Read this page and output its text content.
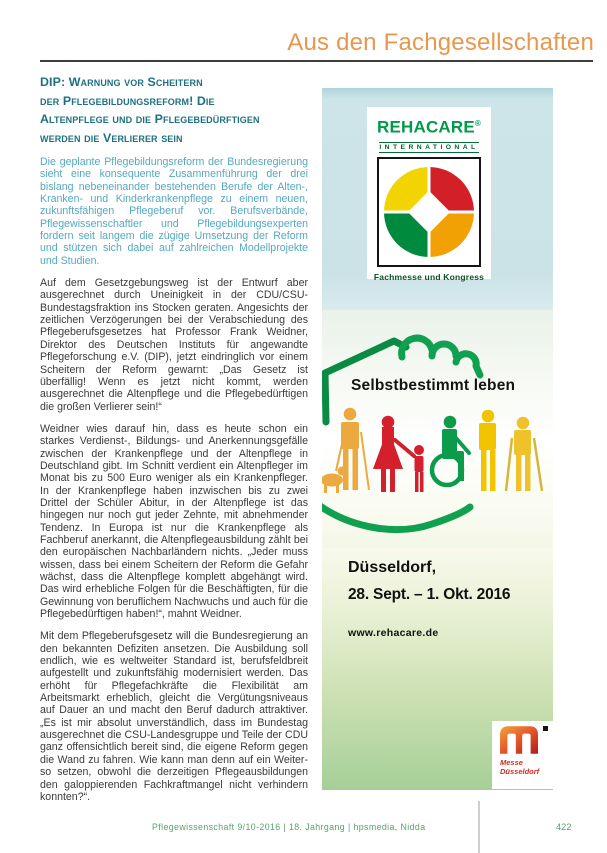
Aus den Fachgesellschaften
DIP: Warnung vor Scheitern
der Pflegebildungsreform! Die
Altenpflege und die Pflegebedürftigen
werden die Verlierer sein

Die geplante Pflegebildungsreform der Bundesregierung sieht eine konsequente Zusammenführung der drei bislang nebeneinander bestehenden Berufe der Alten-, Kranken- und Kinderkrankenpflege zu einem neuen, zukunftsfähigen Pflegeberuf vor. Berufsverbände, Pflegewissenschaftler und Pflegebildungsexperten fordern seit langem die zügige Umsetzung der Reform und stützen sich dabei auf zahlreichen Modellprojekte und Studien.

Auf dem Gesetzgebungsweg ist der Entwurf aber ausgerechnet durch Uneinigkeit in der CDU/CSU-Bundestagsfraktion ins Stocken geraten. Angesichts der zeitlichen Verzögerungen bei der Verabschiedung des Pflegeberufsgesetzes hat Professor Frank Weidner, Direktor des Deutschen Instituts für angewandte Pflegeforschung e.V. (DIP), jetzt eindringlich vor einem Scheitern der Reform gewarnt: „Das Gesetz ist überfällig! Wenn es jetzt nicht kommt, werden ausgerechnet die Altenpflege und die Pflegebedürftigen die großen Verlierer sein!“

Weidner wies darauf hin, dass es heute schon ein starkes Verdienst-, Bildungs- und Anerkennungsgefälle zwischen der Krankenpflege und der Altenpflege in Deutschland gibt. Im Schnitt verdient ein Altenpfleger im Monat bis zu 500 Euro weniger als ein Krankenpfleger. In der Krankenpflege haben inzwischen bis zu zwei Drittel der Schüler Abitur, in der Altenpflege ist das hingegen nur noch gut jeder Zehnte, mit abnehmender Tendenz. In Europa ist nur die Krankenpflege als Fachberuf anerkannt, die Altenpflegeausbildung zählt bei den europäischen Nachbarländern nichts. „Jeder muss wissen, dass bei einem Scheitern der Reform die Gefahr wächst, dass die Altenpflege komplett abgehängt wird. Das wird erhebliche Folgen für die Beschäftigten, für die Gewinnung von beruflichem Nachwuchs und auch für die Pflegebedürftigen haben!“, mahnt Weidner.

Mit dem Pflegeberufsgesetz will die Bundesregierung an den bekannten Defiziten ansetzen. Die Ausbildung soll endlich, wie es weltweiter Standard ist, berufsfeldbreit aufgestellt und zukunftsfähig modernisiert werden. Das erhöht für Pflegefachkräfte die Flexibilität am Arbeitsmarkt erheblich, gleicht die Vergütungsniveaus auf Dauer an und macht den Beruf dadurch attraktiver. „Es ist mir absolut unverständlich, dass im Bundestag ausgerechnet die CSU-Landesgruppe und Teile der CDU ganz offensichtlich bereit sind, die eigene Reform gegen die Wand zu fahren. Wie kann man denn auf ein Weiter-so setzen, obwohl die derzeitigen Pflegeausbildungen den galoppierenden Fachkraftmangel nicht verhindern konnten?“.

REHACARE®
INTERNATIONAL
Fachmesse und Kongress
Selbstbestimmt leben
Düsseldorf,
28. Sept. – 1. Okt. 2016
www.rehacare.de
Messe
Düsseldorf
Pflegewissenschaft 9/10-2016 | 18. Jahrgang | hpsmedia, Nidda	422
